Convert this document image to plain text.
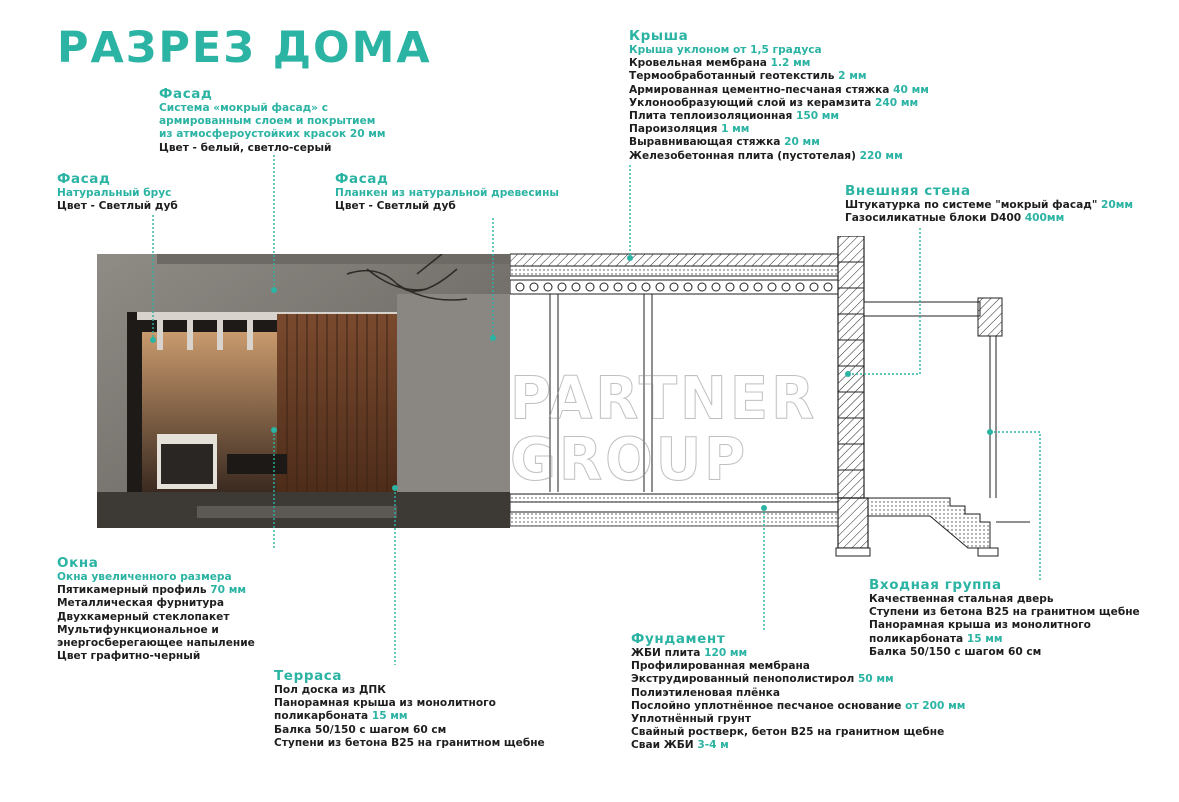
РАЗРЕЗ ДОМА
Фасад
Система «мокрый фасад» с
армированным слоем и покрытием
из атмосфероустойких красок 20 мм
Цвет - белый, светло-серый
Фасад
Натуральный брус
Цвет - Светлый дуб
Фасад
Планкен из натуральной древесины
Цвет - Светлый дуб
Крыша
Крыша уклоном от 1,5 градуса
Кровельная мембрана 1.2 мм
Термообработанный геотекстиль 2 мм
Армированная цементно-песчаная стяжка 40 мм
Уклонообразующий слой из керамзита 240 мм
Плита теплоизоляционная 150 мм
Пароизоляция 1 мм
Выравнивающая стяжка 20 мм
Железобетонная плита (пустотелая) 220 мм
Внешняя стена
Штукатурка по системе "мокрый фасад" 20мм
Газосиликатные блоки D400 400мм
Окна
Окна увеличенного размера
Пятикамерный профиль 70 мм
Металлическая фурнитура
Двухкамерный стеклопакет
Мультифункциональное и
энергосберегающее напыление
Цвет графитно-черный
Терраса
Пол доска из ДПК
Панорамная крыша из монолитного
поликарбоната 15 мм
Балка 50/150 с шагом 60 см
Ступени из бетона В25 на гранитном щебне
Фундамент
ЖБИ плита 120 мм
Профилированная мембрана
Экструдированный пенополистирол 50 мм
Полиэтиленовая плёнка
Послойно уплотнённое песчаное основание от 200 мм
Уплотнённый грунт
Свайный ростверк, бетон В25 на гранитном щебне
Сваи ЖБИ 3-4 м
Входная группа
Качественная стальная дверь
Ступени из бетона В25 на гранитном щебне
Панорамная крыша из монолитного
поликарбоната 15 мм
Балка 50/150 с шагом 60 см
PARTNER
GROUP
